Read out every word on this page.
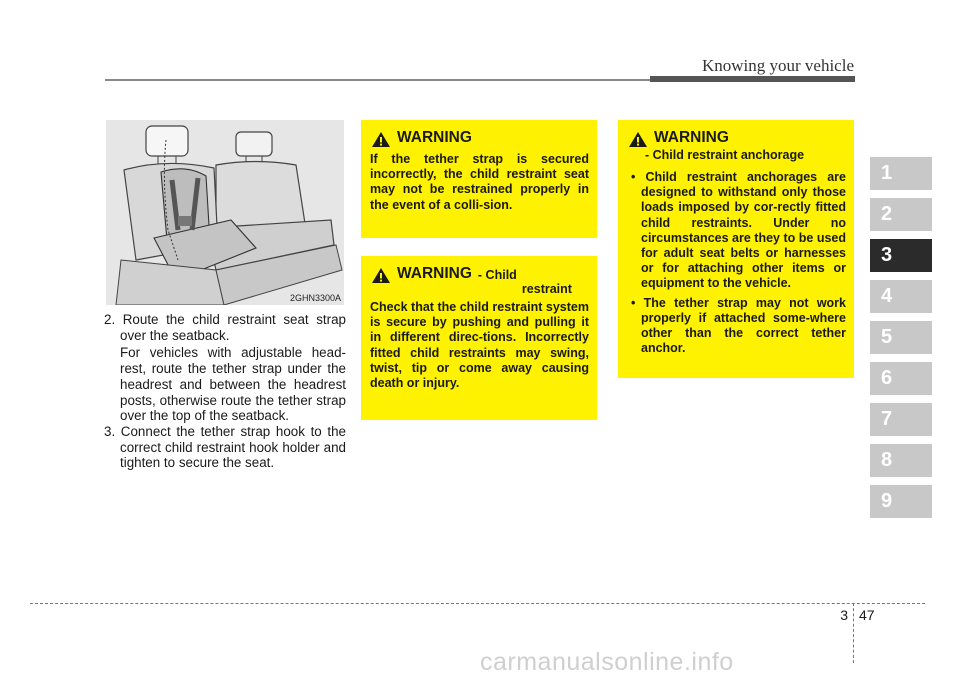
Knowing your vehicle
1
2
3
4
5
6
7
8
9
2GHN3300A

2. Route the child restraint seat strap over the seatback.

For vehicles with adjustable head-rest, route the tether strap under the headrest and between the headrest posts, otherwise route the tether strap over the top of the seatback.

3. Connect the tether strap hook to the correct child restraint hook holder and tighten to secure the seat.

WARNING

If the tether strap is secured incorrectly, the child restraint seat may not be restrained properly in the event of a colli-sion.

WARNING - Child
restraint

Check that the child restraint system is secure by pushing and pulling it in different direc-tions. Incorrectly fitted child restraints may swing, twist, tip or come away causing death or injury.

WARNING
- Child restraint anchorage

• Child restraint anchorages are designed to withstand only those loads imposed by cor-rectly fitted child restraints. Under no circumstances are they to be used for adult seat belts or harnesses or for attaching other items or equipment to the vehicle.

• The tether strap may not work properly if attached some-where other than the correct tether anchor.

3 47
carmanualsonline.info
